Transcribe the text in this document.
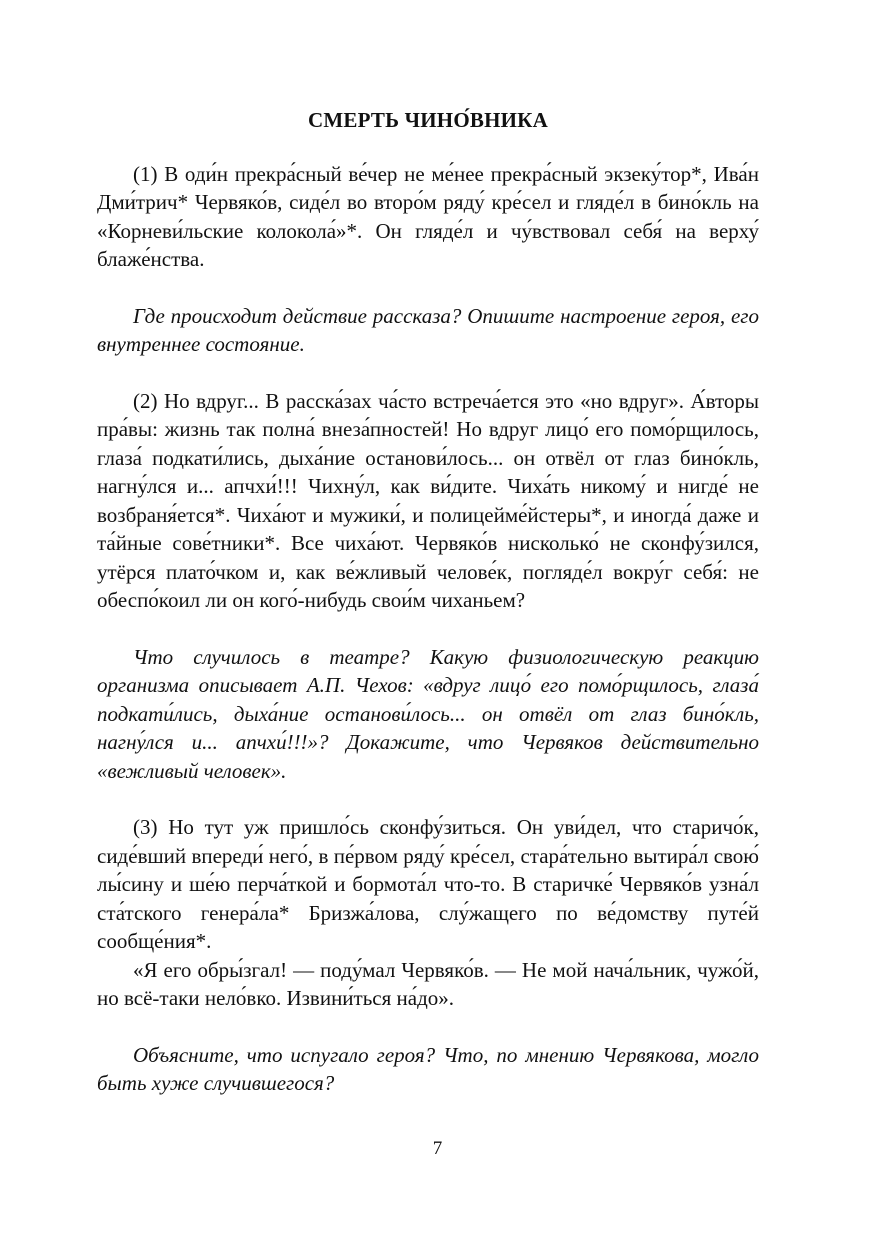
СМЕРТЬ ЧИНО́ВНИКА

(1) В оди́н прекра́сный ве́чер не ме́нее прекра́сный экзеку́тор*, Ива́н Дми́трич* Червяко́в, сиде́л во второ́м ряду́ кре́сел и гляде́л в бино́кль на «Корневи́льские колокола́»*. Он гляде́л и чу́вствовал себя́ на верху́ блаже́нства.

Где происходит действие рассказа? Опишите настроение героя, его внутреннее состояние.

(2) Но вдруг... В расска́зах ча́сто встреча́ется это «но вдруг». А́вторы пра́вы: жизнь так полна́ внеза́пностей! Но вдруг лицо́ его помо́рщилось, глаза́ подкати́лись, дыха́ние останови́лось... он отвёл от глаз бино́кль, нагну́лся и... апчхи́!!! Чихну́л, как ви́дите. Чиха́ть никому́ и нигде́ не возбраня́ется*. Чиха́ют и мужики́, и полицейме́йстеры*, и иногда́ даже и та́йные сове́тники*. Все чиха́ют. Червяко́в нисколько́ не сконфу́зился, утёрся плато́чком и, как ве́жливый челове́к, погляде́л вокру́г себя́: не обеспо́коил ли он кого́-нибудь свои́м чиханьем?

Что случилось в театре? Какую физиологическую реакцию организма описывает А.П. Чехов: «вдруг лицо́ его помо́рщилось, глаза́ подкати́лись, дыха́ние останови́лось... он отвёл от глаз бино́кль, нагну́лся и... апчхи́!!!»? Докажите, что Червяков действительно «вежливый человек».

(3) Но тут уж пришло́сь сконфу́зиться. Он уви́дел, что старичо́к, сиде́вший впереди́ него́, в пе́рвом ряду́ кре́сел, стара́тельно вытира́л свою́ лы́сину и ше́ю перча́ткой и бормота́л что-то. В старичке́ Червяко́в узна́л ста́тского генера́ла* Бризжа́лова, слу́жащего по ве́домству путе́й сообще́ния*.

«Я его обры́згал! — поду́мал Червяко́в. — Не мой нача́льник, чужо́й, но всё-таки нело́вко. Извини́ться на́до».

Объясните, что испугало героя? Что, по мнению Червякова, могло быть хуже случившегося?

7
